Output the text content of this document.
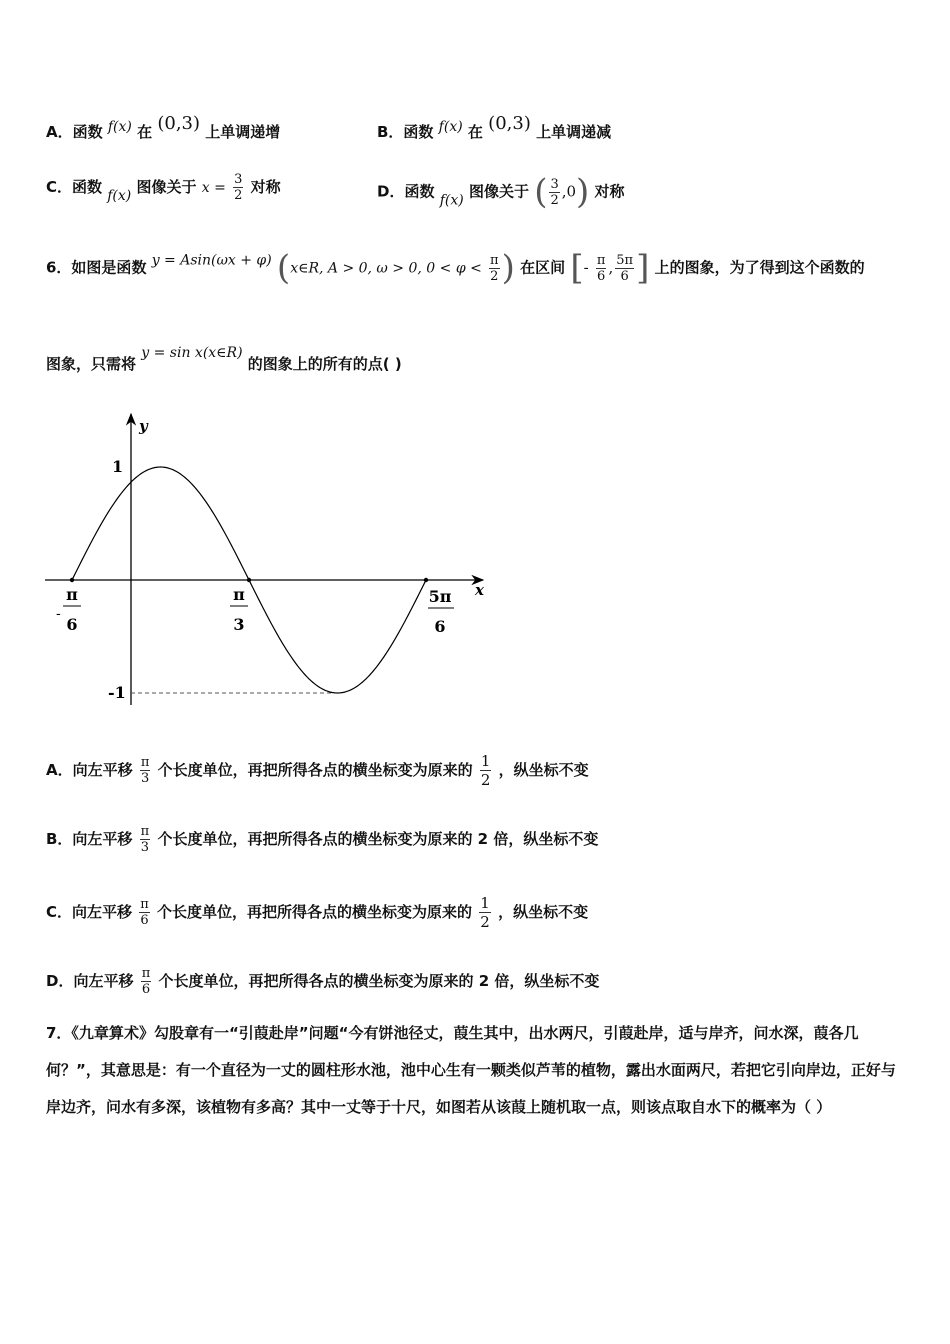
A．函数 f(x) 在 (0,3) 上单调递增	B．函数 f(x) 在 (0,3) 上单调递减
C．函数 f(x) 图像关于 $x = \frac{3}{2}$ 对称	D．函数 f(x) 图像关于 ( $\frac{3}{2} ,0$) 对称
6．如图是函数 y = Asin(ωx + φ) (x∈R, A > 0, ω > 0, $0 < \varphi < \frac{\pi}{2}$ ) 在区间 [- $\frac{\pi}{6}$ , $\frac{5\pi}{6}$ ] 上的图象，为了得到这个函数的
图象，只需将 y = sin x(x∈R) 的图象上的所有的点( )
y
x
1
-1
-
π
6
π
3
5π
6
A．向左平移 $\frac{\pi}{3}$ 个长度单位，再把所得各点的横坐标变为原来的 $\frac{1}{2}$ ，纵坐标不变
B．向左平移 $\frac{\pi}{3}$ 个长度单位，再把所得各点的横坐标变为原来的 2 倍，纵坐标不变
C．向左平移 $\frac{\pi}{6}$ 个长度单位，再把所得各点的横坐标变为原来的 $\frac{1}{2}$ ，纵坐标不变
D．向左平移 $\frac{\pi}{6}$ 个长度单位，再把所得各点的横坐标变为原来的 2 倍，纵坐标不变
7．《九章算术》勾股章有一“引葭赴岸”问题“今有饼池径丈，葭生其中，出水两尺，引葭赴岸，适与岸齐，问水深，葭各几何？”，其意思是：有一个直径为一丈的圆柱形水池，池中心生有一颗类似芦苇的植物，露出水面两尺，若把它引向岸边，正好与岸边齐，问水有多深，该植物有多高？其中一丈等于十尺，如图若从该葭上随机取一点，则该点取自水下的概率为（ ）
